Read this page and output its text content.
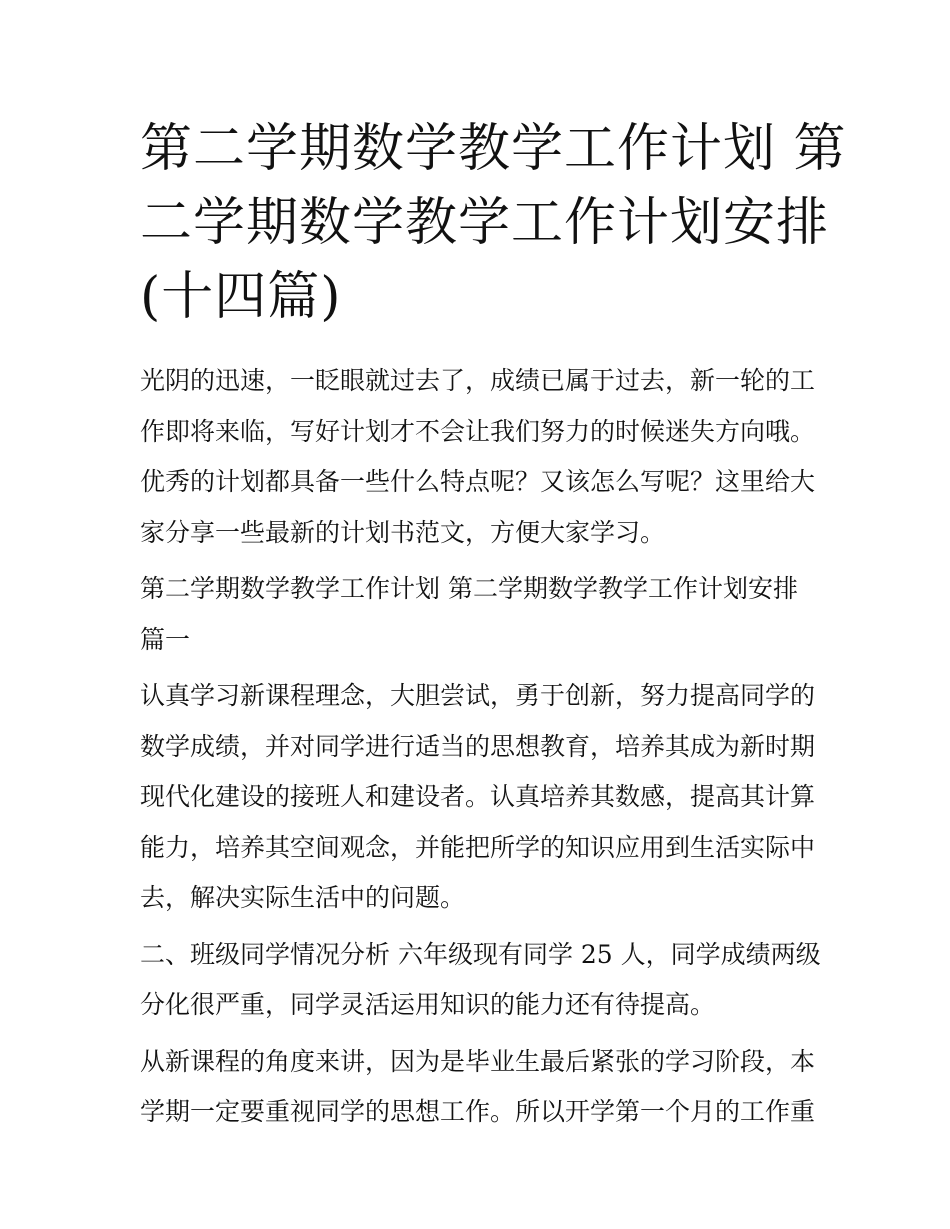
第二学期数学教学工作计划 第
二学期数学教学工作计划安排
(十四篇)

光阴的迅速，一眨眼就过去了，成绩已属于过去，新一轮的工
作即将来临，写好计划才不会让我们努力的时候迷失方向哦。
优秀的计划都具备一些什么特点呢？又该怎么写呢？这里给大
家分享一些最新的计划书范文，方便大家学习。

第二学期数学教学工作计划 第二学期数学教学工作计划安排
篇一

认真学习新课程理念，大胆尝试，勇于创新，努力提高同学的
数学成绩，并对同学进行适当的思想教育，培养其成为新时期
现代化建设的接班人和建设者。认真培养其数感，提高其计算
能力，培养其空间观念，并能把所学的知识应用到生活实际中
去，解决实际生活中的问题。

二、班级同学情况分析 六年级现有同学 25 人，同学成绩两级
分化很严重，同学灵活运用知识的能力还有待提高。

从新课程的角度来讲，因为是毕业生最后紧张的学习阶段，本
学期一定要重视同学的思想工作。所以开学第一个月的工作重
